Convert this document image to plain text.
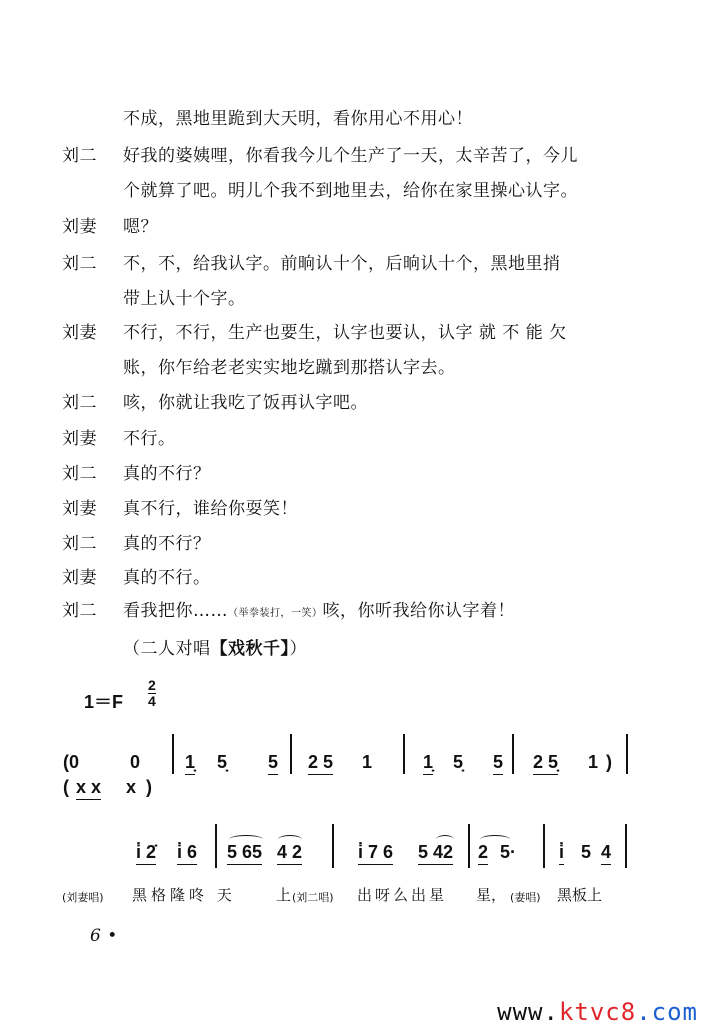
不成，黑地里跪到大天明，看你用心不用心！
刘二 好我的婆姨哩，你看我今儿个生产了一天，太辛苦了，今儿
个就算了吧。明儿个我不到地里去，给你在家里操心认字。
刘妻 嗯？
刘二 不，不，给我认字。前晌认十个，后晌认十个，黑地里捎
带上认十个字。
刘妻 不行，不行，生产也要生，认字也要认，认字 就 不 能 欠
账，你乍给老老实实地圪蹴到那搭认字去。
刘二 咳，你就让我吃了饭再认字吧。
刘妻 不行。
刘二 真的不行？
刘妻 真不行，谁给你耍笑！
刘二 真的不行？
刘妻 真的不行。
刘二 看我把你……（举拳装打，一笑）咳，你听我给你认字着！
（二人对唱【戏秋千】）
1＝F
2
4
(0	0 1̣ 5̣ 5 2 5 1	1̣ 5̣ 5 2 5̣ 1 )
( x x x )
i̇ 2̇ i̇ 6 5 65 4 2	i̇ 7 6 5 42 2 5· i̇ 5 4
(刘妻唱) 黑格隆咚 天	上 (刘二唱) 出呀么出星 星， (妻唱) 黑板上
6 •
www.ktvc8.com
